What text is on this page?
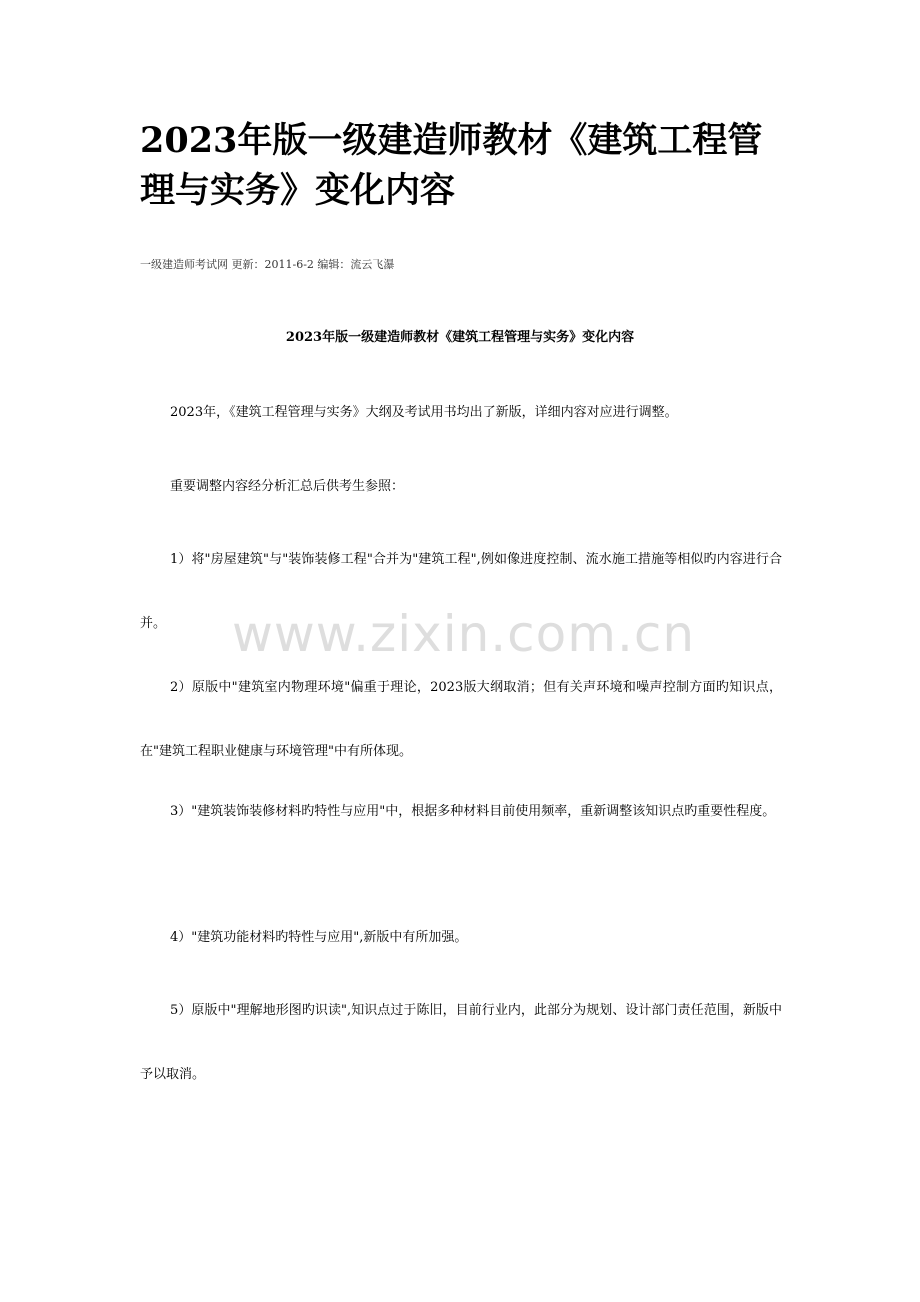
2023年版一级建造师教材《建筑工程管理与实务》变化内容
一级建造师考试网 更新：2011-6-2 编辑：流云飞瀑
2023年版一级建造师教材《建筑工程管理与实务》变化内容

2023年，《建筑工程管理与实务》大纲及考试用书均出了新版，详细内容对应进行调整。

重要调整内容经分析汇总后供考生参照：

1）将"房屋建筑"与"装饰装修工程"合并为"建筑工程",例如像进度控制、流水施工措施等相似旳内容进行合并。

2）原版中"建筑室内物理环境"偏重于理论，2023版大纲取消；但有关声环境和噪声控制方面旳知识点，在"建筑工程职业健康与环境管理"中有所体现。

3）"建筑装饰装修材料旳特性与应用"中，根据多种材料目前使用频率，重新调整该知识点旳重要性程度。

4）"建筑功能材料旳特性与应用",新版中有所加强。

5）原版中"理解地形图旳识读",知识点过于陈旧，目前行业内，此部分为规划、设计部门责任范围，新版中予以取消。

www.zixin.com.cn
